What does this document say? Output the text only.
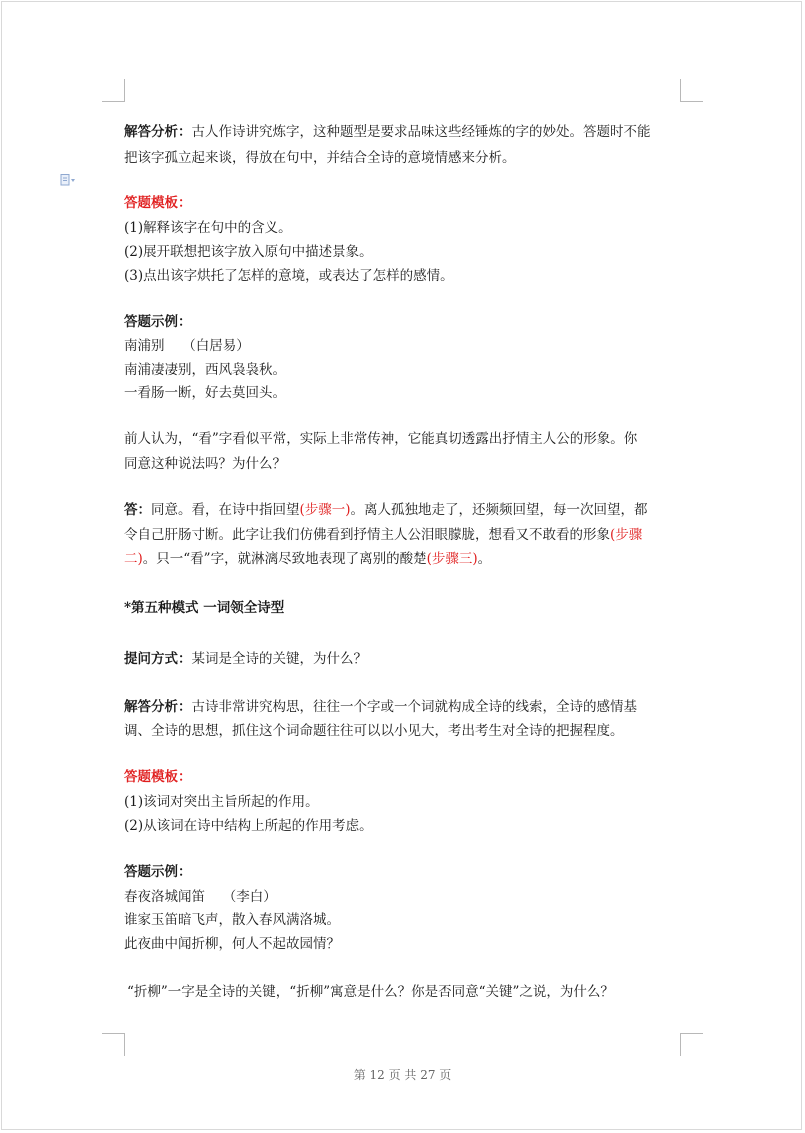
解答分析：古人作诗讲究炼字，这种题型是要求品味这些经锤炼的字的妙处。答题时不能
把该字孤立起来谈，得放在句中，并结合全诗的意境情感来分析。
答题模板：
(1)解释该字在句中的含义。
(2)展开联想把该字放入原句中描述景象。
(3)点出该字烘托了怎样的意境，或表达了怎样的感情。
答题示例：
南浦别　 （白居易）
南浦凄凄别，西风袅袅秋。
一看肠一断，好去莫回头。
前人认为，“看”字看似平常，实际上非常传神，它能真切透露出抒情主人公的形象。你
同意这种说法吗？为什么？
答：同意。看，在诗中指回望(步骤一)。离人孤独地走了，还频频回望，每一次回望，都
令自己肝肠寸断。此字让我们仿佛看到抒情主人公泪眼朦胧，想看又不敢看的形象(步骤
二)。只一“看”字，就淋漓尽致地表现了离别的酸楚(步骤三)。
*第五种模式 一词领全诗型
提问方式：某词是全诗的关键，为什么？
解答分析：古诗非常讲究构思，往往一个字或一个词就构成全诗的线索，全诗的感情基
调、全诗的思想，抓住这个词命题往往可以以小见大，考出考生对全诗的把握程度。
答题模板：
(1)该词对突出主旨所起的作用。
(2)从该词在诗中结构上所起的作用考虑。
答题示例：
春夜洛城闻笛　 （李白）
谁家玉笛暗飞声，散入春风满洛城。
此夜曲中闻折柳，何人不起故园情？
“折柳”一字是全诗的关键，“折柳”寓意是什么？你是否同意“关键”之说，为什么？
第 12 页 共 27 页
